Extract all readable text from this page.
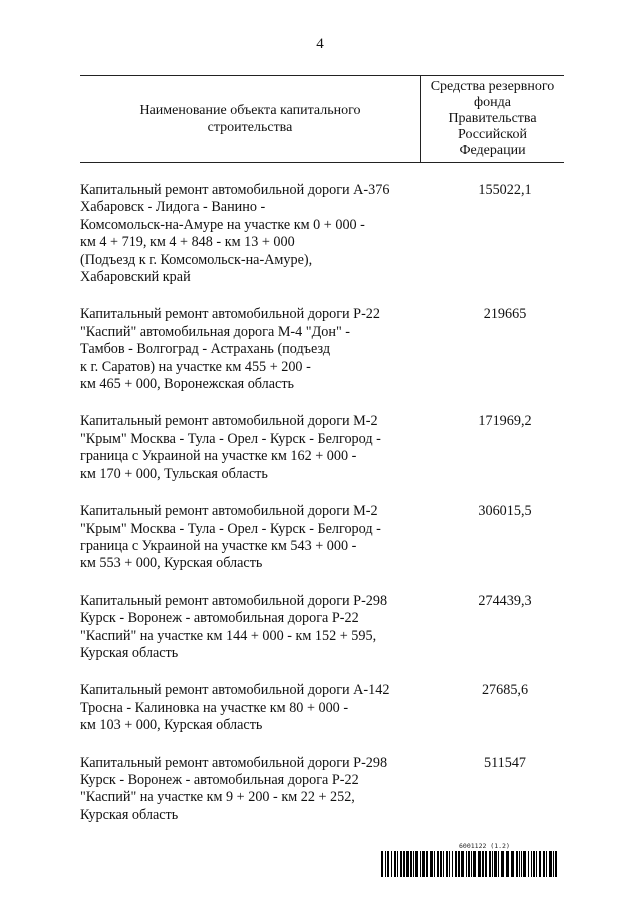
4
Наименование объекта капитального строительства
Средства резервного фонда Правительства Российской Федерации
Капитальный ремонт автомобильной дороги А-376
Хабаровск - Лидога - Ванино -
Комсомольск-на-Амуре на участке км 0 + 000 -
км 4 + 719, км 4 + 848 - км 13 + 000
(Подъезд к г. Комсомольск-на-Амуре),
Хабаровский край
155022,1
Капитальный ремонт автомобильной дороги Р-22
"Каспий" автомобильная дорога М-4 "Дон" -
Тамбов - Волгоград - Астрахань (подъезд
к г. Саратов) на участке км 455 + 200 -
км 465 + 000, Воронежская область
219665
Капитальный ремонт автомобильной дороги М-2
"Крым" Москва - Тула - Орел - Курск - Белгород -
граница с Украиной на участке км 162 + 000 -
км 170 + 000, Тульская область
171969,2
Капитальный ремонт автомобильной дороги М-2
"Крым" Москва - Тула - Орел - Курск - Белгород -
граница с Украиной на участке км 543 + 000 -
км 553 + 000, Курская область
306015,5
Капитальный ремонт автомобильной дороги Р-298
Курск - Воронеж - автомобильная дорога Р-22
"Каспий" на участке км 144 + 000 - км 152 + 595,
Курская область
274439,3
Капитальный ремонт автомобильной дороги А-142
Тросна - Калиновка на участке км 80 + 000 -
км 103 + 000, Курская область
27685,6
Капитальный ремонт автомобильной дороги Р-298
Курск - Воронеж - автомобильная дорога Р-22
"Каспий" на участке км 9 + 200 - км 22 + 252,
Курская область
511547
6001122 (1.2)
